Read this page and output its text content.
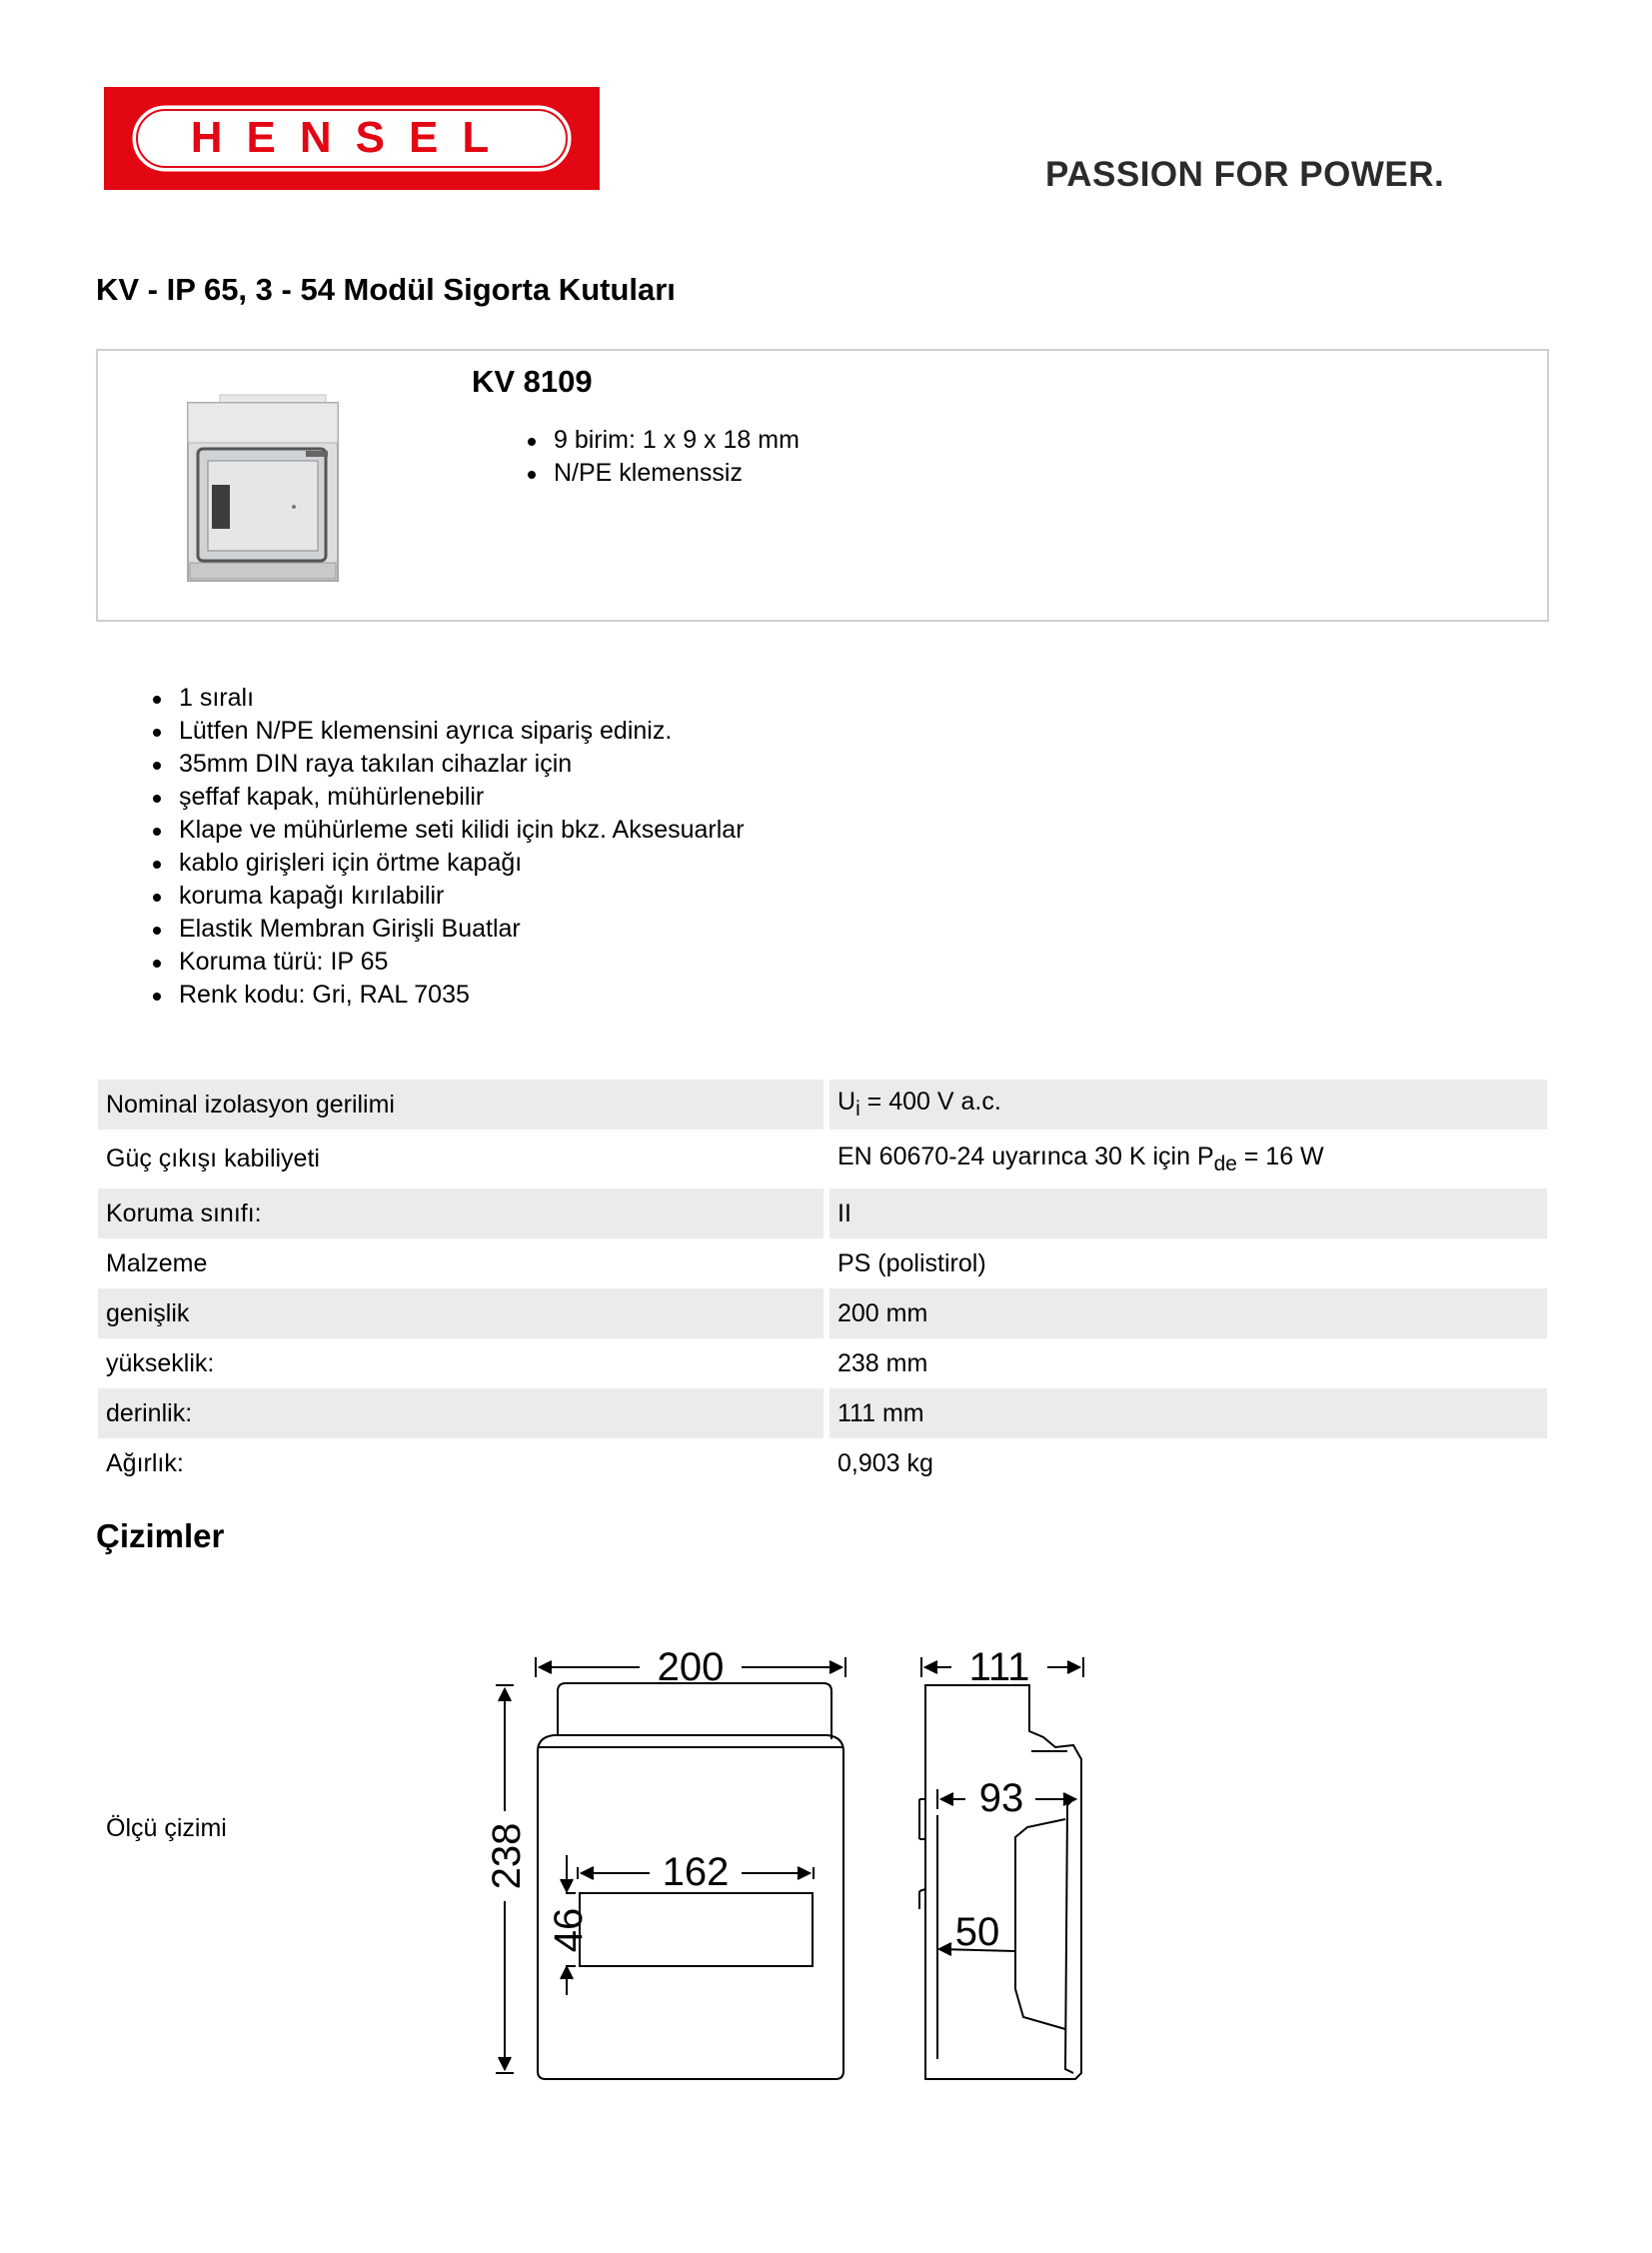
HENSEL
PASSION FOR POWER.
KV - IP 65, 3 - 54 Modül Sigorta Kutuları
KV 8109
9 birim: 1 x 9 x 18 mm
N/PE klemenssiz
1 sıralı
Lütfen N/PE klemensini ayrıca sipariş ediniz.
35mm DIN raya takılan cihazlar için
şeffaf kapak, mühürlenebilir
Klape ve mühürleme seti kilidi için bkz. Aksesuarlar
kablo girişleri için örtme kapağı
koruma kapağı kırılabilir
Elastik Membran Girişli Buatlar
Koruma türü: IP 65
Renk kodu: Gri, RAL 7035
Nominal izolasyon gerilimi		$U_i = 400$ V a.c.
Güç çıkışı kabiliyeti		EN 60670-24 uyarınca 30 K için $P_{de} = 16$ W
Koruma sınıfı:		II
Malzeme		PS (polistirol)
genişlik		200 mm
yükseklik:		238 mm
derinlik:		111 mm
Ağırlık:		0,903 kg
Çizimler
Ölçü çizimi
200
238	162
46
111
93
50
